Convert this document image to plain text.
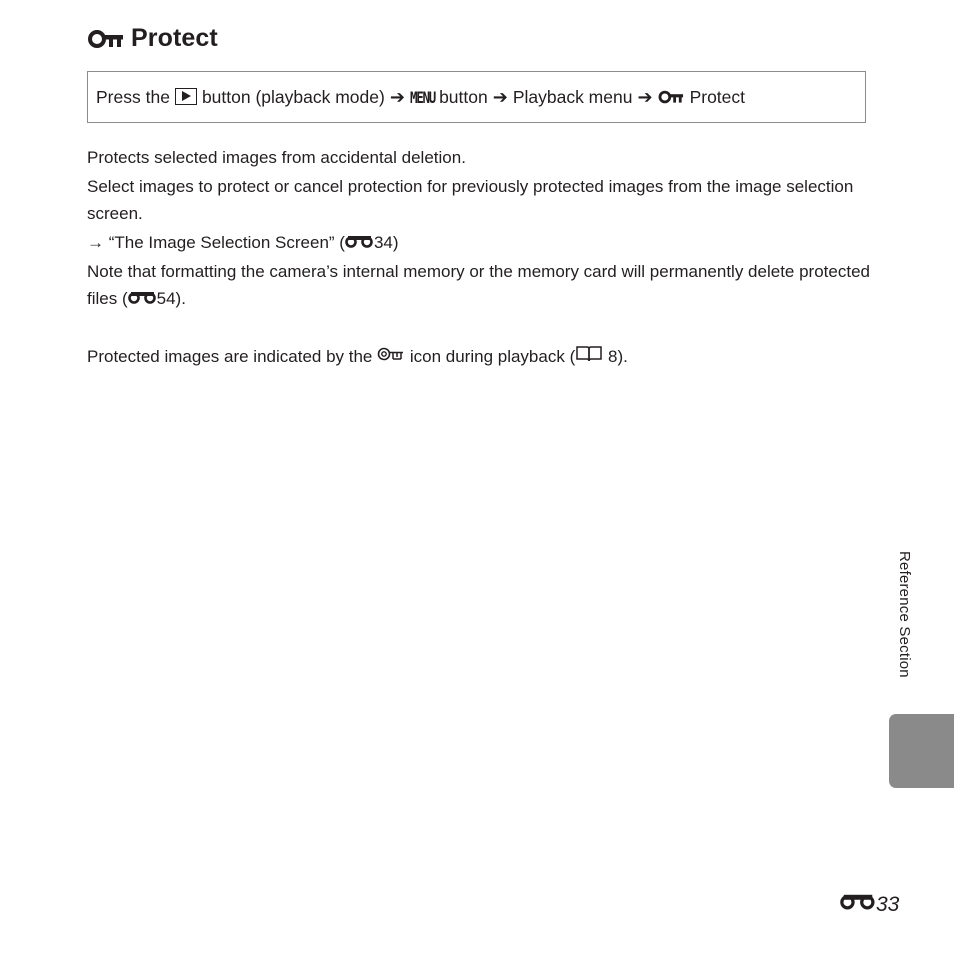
Protect
Press the button (playback mode) ➔ MENU button ➔ Playback menu ➔ Protect
Protects selected images from accidental deletion.
Select images to protect or cancel protection for previously protected images from the image selection screen.
→ “The Image Selection Screen” ( 34)
Note that formatting the camera’s internal memory or the memory card will permanently delete protected files ( 54).
Protected images are indicated by the icon during playback ( 8).
Reference Section
33
